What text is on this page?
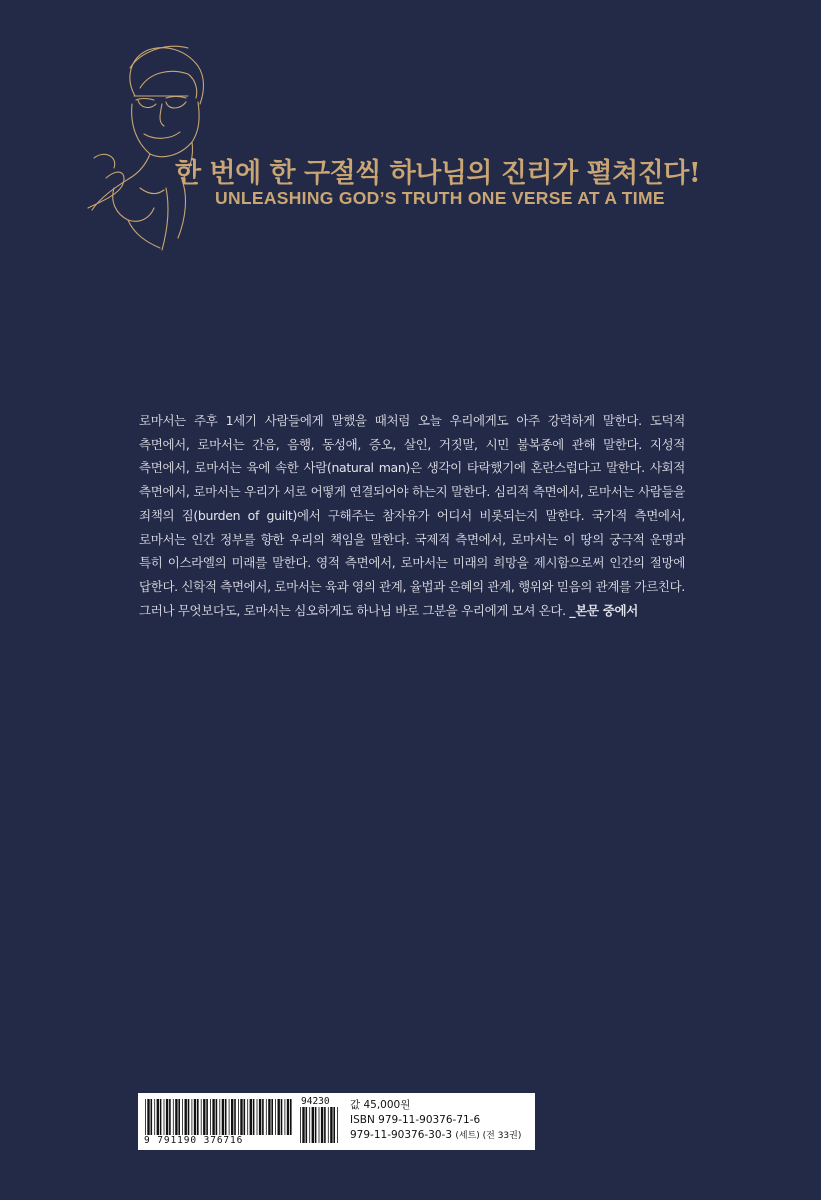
한 번에 한 구절씩 하나님의 진리가 펼쳐진다!
UNLEASHING GOD’S TRUTH ONE VERSE AT A TIME
로마서는 주후 1세기 사람들에게 말했을 때처럼 오늘 우리에게도 아주 강력하게 말한다. 도덕적 측면에서, 로마서는 간음, 음행, 동성애, 증오, 살인, 거짓말, 시민 불복종에 관해 말한다. 지성적 측면에서, 로마서는 육에 속한 사람(natural man)은 생각이 타락했기에 혼란스럽다고 말한다. 사회적 측면에서, 로마서는 우리가 서로 어떻게 연결되어야 하는지 말한다. 심리적 측면에서, 로마서는 사람들을 죄책의 짐(burden of guilt)에서 구해주는 참자유가 어디서 비롯되는지 말한다. 국가적 측면에서, 로마서는 인간 정부를 향한 우리의 책임을 말한다. 국제적 측면에서, 로마서는 이 땅의 궁극적 운명과 특히 이스라엘의 미래를 말한다. 영적 측면에서, 로마서는 미래의 희망을 제시함으로써 인간의 절망에 답한다. 신학적 측면에서, 로마서는 육과 영의 관계, 율법과 은혜의 관계, 행위와 믿음의 관계를 가르친다. 그러나 무엇보다도, 로마서는 심오하게도 하나님 바로 그분을 우리에게 모셔 온다. _본문 중에서
9 791190 376716
94230 값 45,000원
ISBN 979-11-90376-71-6
979-11-90376-30-3 (세트) (전 33권)
